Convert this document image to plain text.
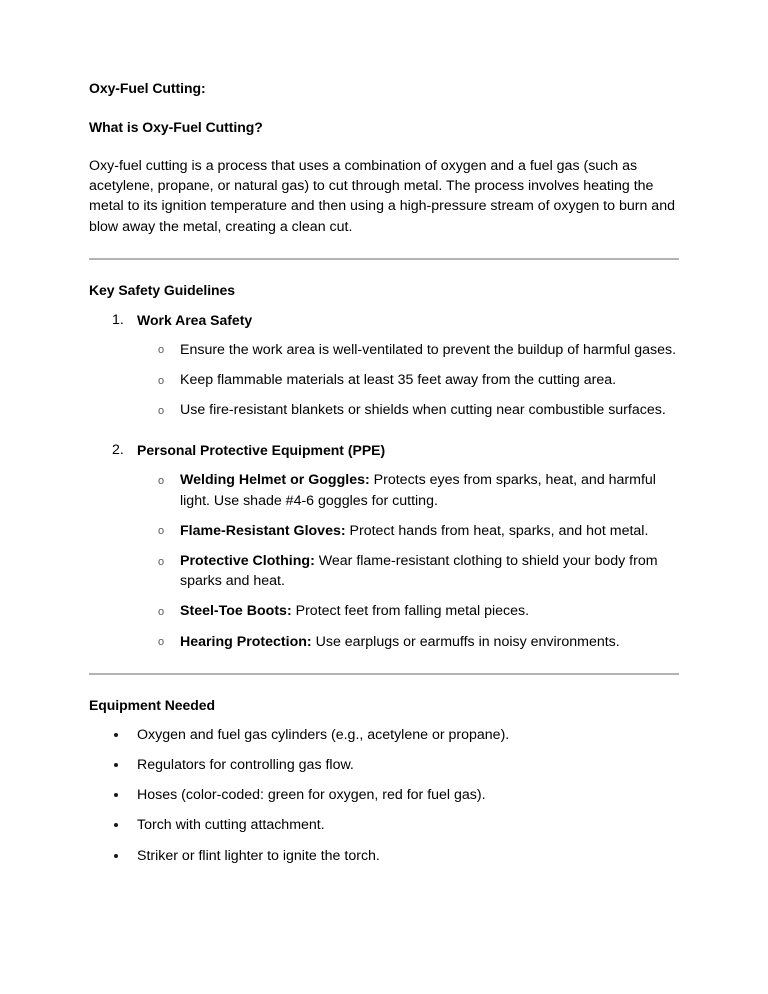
Oxy-Fuel Cutting:
What is Oxy-Fuel Cutting?

Oxy-fuel cutting is a process that uses a combination of oxygen and a fuel gas (such as acetylene, propane, or natural gas) to cut through metal. The process involves heating the metal to its ignition temperature and then using a high-pressure stream of oxygen to burn and blow away the metal, creating a clean cut.

Key Safety Guidelines
Work Area Safety
o Ensure the work area is well-ventilated to prevent the buildup of harmful gases.
o Keep flammable materials at least 35 feet away from the cutting area.
o Use fire-resistant blankets or shields when cutting near combustible surfaces.
Personal Protective Equipment (PPE)
o Welding Helmet or Goggles: Protects eyes from sparks, heat, and harmful light. Use shade #4-6 goggles for cutting.
o Flame-Resistant Gloves: Protect hands from heat, sparks, and hot metal.
o Protective Clothing: Wear flame-resistant clothing to shield your body from sparks and heat.
o Steel-Toe Boots: Protect feet from falling metal pieces.
o Hearing Protection: Use earplugs or earmuffs in noisy environments.
Equipment Needed
Oxygen and fuel gas cylinders (e.g., acetylene or propane).
Regulators for controlling gas flow.
Hoses (color-coded: green for oxygen, red for fuel gas).
Torch with cutting attachment.
Striker or flint lighter to ignite the torch.
